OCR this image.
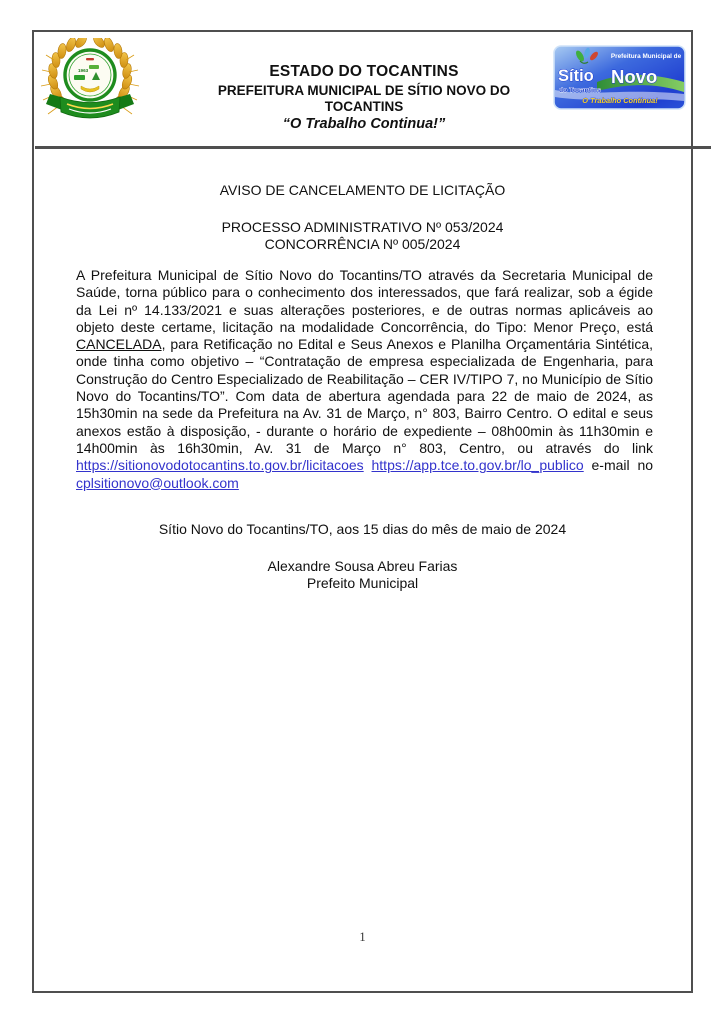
1963	ESTADO DO TOCANTINS
PREFEITURA MUNICIPAL DE SÍTIO NOVO DO TOCANTINS
“O Trabalho Continua!”
Prefeitura Municipal de
Sítio Novo
do Tocantins
O Trabalho Continua!
AVISO DE CANCELAMENTO DE LICITAÇÃO
PROCESSO ADMINISTRATIVO Nº 053/2024
CONCORRÊNCIA Nº 005/2024

A Prefeitura Municipal de Sítio Novo do Tocantins/TO através da Secretaria Municipal de Saúde, torna público para o conhecimento dos interessados, que fará realizar, sob a égide da Lei nº 14.133/2021 e suas alterações posteriores, e de outras normas aplicáveis ao objeto deste certame, licitação na modalidade Concorrência, do Tipo: Menor Preço, está CANCELADA, para Retificação no Edital e Seus Anexos e Planilha Orçamentária Sintética, onde tinha como objetivo – “Contratação de empresa especializada de Engenharia, para Construção do Centro Especializado de Reabilitação – CER IV/TIPO 7, no Município de Sítio Novo do Tocantins/TO”. Com data de abertura agendada para 22 de maio de 2024, as 15h30min na sede da Prefeitura na Av. 31 de Março, n° 803, Bairro Centro. O edital e seus anexos estão à disposição, - durante o horário de expediente – 08h00min às 11h30min e 14h00min às 16h30min, Av. 31 de Março n° 803, Centro, ou através do link https://sitionovodotocantins.to.gov.br/licitacoes https://app.tce.to.gov.br/lo_publico e-mail no cplsitionovo@outlook.com

Sítio Novo do Tocantins/TO, aos 15 dias do mês de maio de 2024
Alexandre Sousa Abreu Farias
Prefeito Municipal
1
